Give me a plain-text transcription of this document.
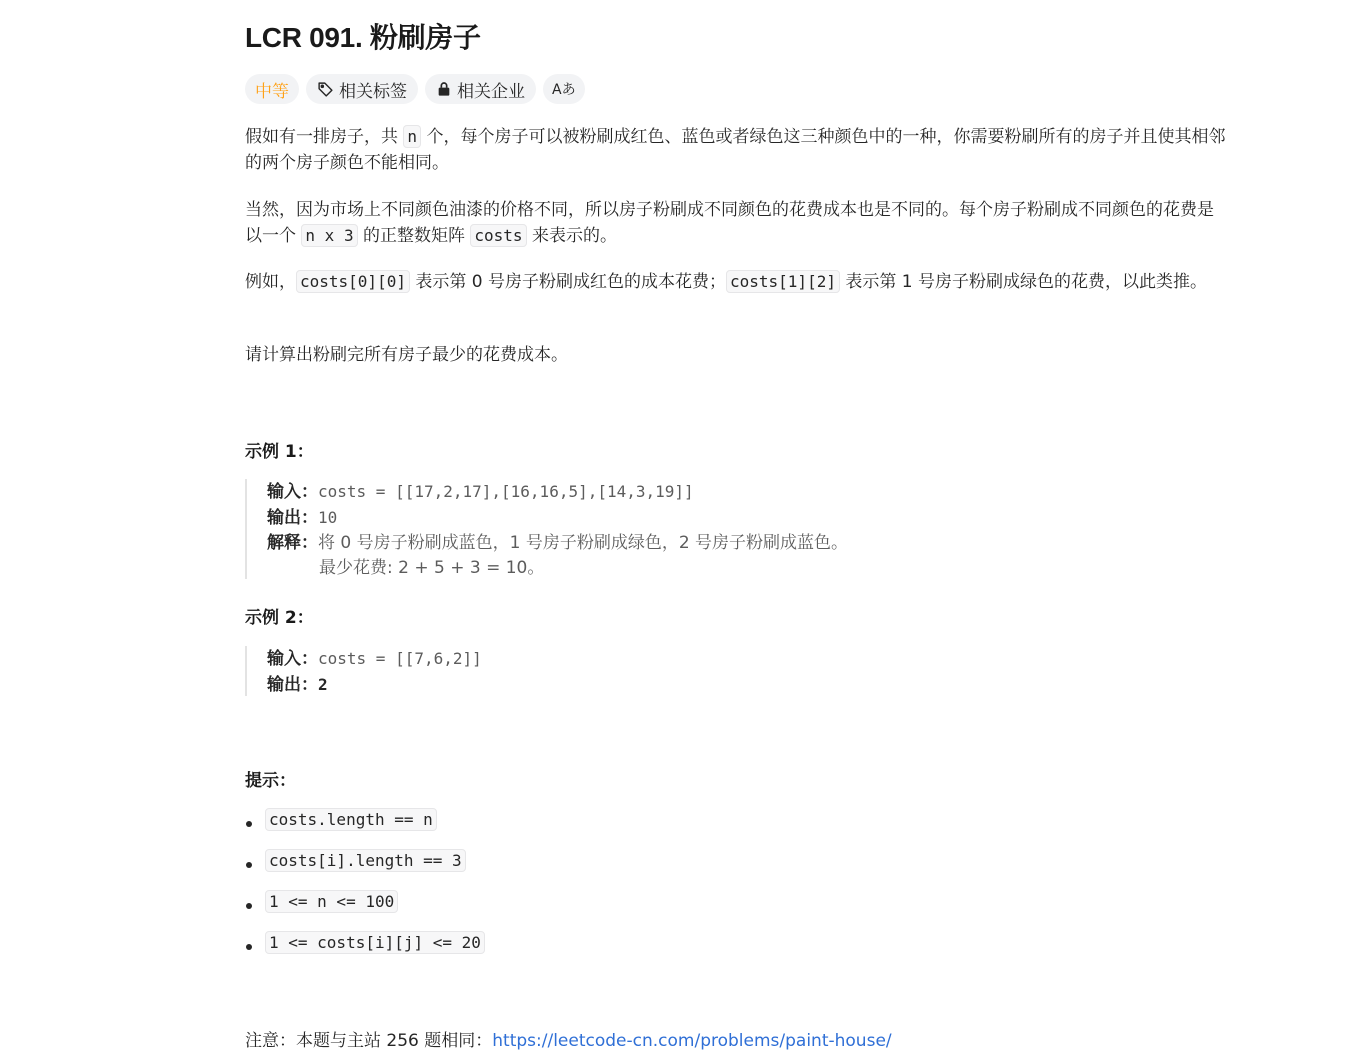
LCR 091. 粉刷房子
中等	相关标签	相关企业 Aあ
假如有一排房子，共 n 个，每个房子可以被粉刷成红色、蓝色或者绿色这三种颜色中的一种，你需要粉刷所有的房子并且使其相邻的两个房子颜色不能相同。
当然，因为市场上不同颜色油漆的价格不同，所以房子粉刷成不同颜色的花费成本也是不同的。每个房子粉刷成不同颜色的花费是以一个 n x 3 的正整数矩阵 costs 来表示的。
例如， costs[0][0] 表示第 0 号房子粉刷成红色的成本花费； costs[1][2] 表示第 1 号房子粉刷成绿色的花费，以此类推。
请计算出粉刷完所有房子最少的花费成本。
示例 1：
输入：costs = [[17,2,17],[16,16,5],[14,3,19]]
输出：10
解释：将 0 号房子粉刷成蓝色，1 号房子粉刷成绿色，2 号房子粉刷成蓝色。
最少花费: 2 + 5 + 3 = 10。
示例 2：
输入：costs = [[7,6,2]]
输出：2
提示：
costs.length == n
costs[i].length == 3
1 <= n <= 100
1 <= costs[i][j] <= 20
注意：本题与主站 256 题相同：https://leetcode-cn.com/problems/paint-house/
